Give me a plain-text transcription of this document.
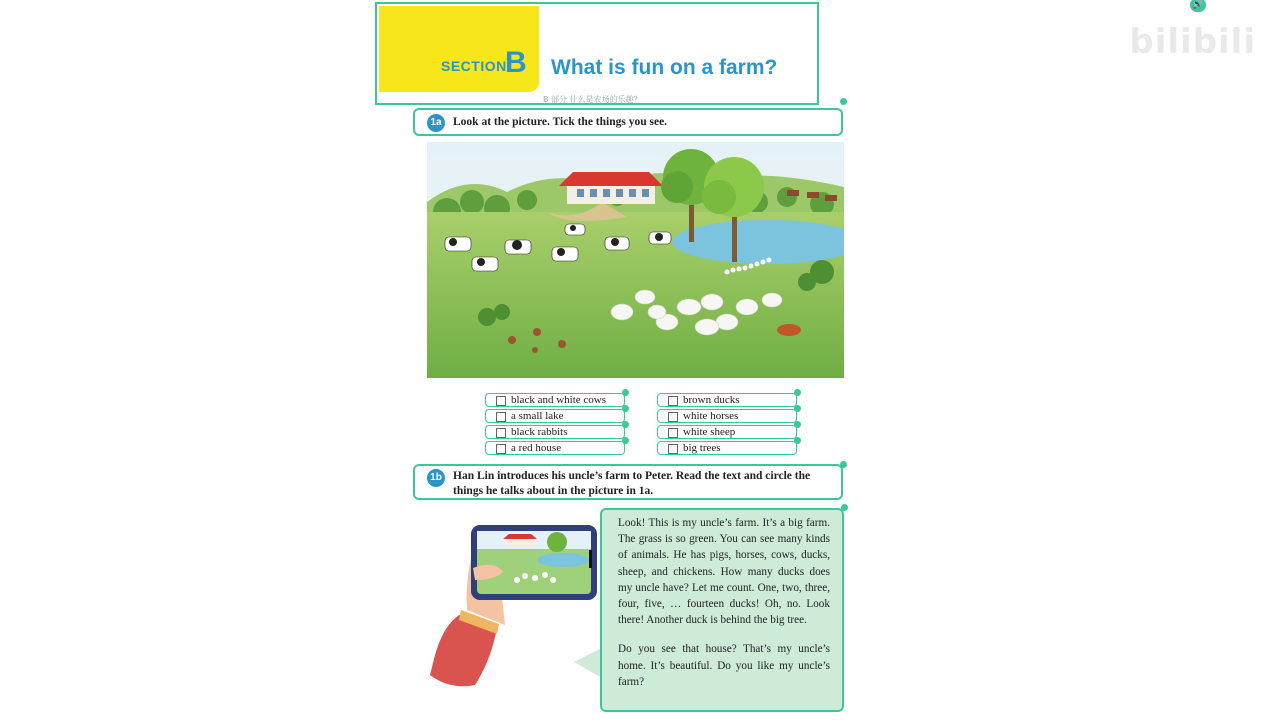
bilibili
SECTION
B What is fun on a farm?
B 部分 什么是农场的乐趣？
🔊
1a Look at the picture. Tick the things you see.
black and white cows
a small lake
black rabbits
a red house
brown ducks
white horses
white sheep
big trees
1b Han Lin introduces his uncle’s farm to Peter. Read the text and circle the things he talks about in the picture in 1a.

Look! This is my uncle’s farm. It’s a big farm. The grass is so green. You can see many kinds of animals. He has pigs, horses, cows, ducks, sheep, and chickens. How many ducks does my uncle have? Let me count. One, two, three, four, five, … fourteen ducks! Oh, no. Look there! Another duck is behind the big tree.

Do you see that house? That’s my uncle’s home. It’s beautiful. Do you like my uncle’s farm?
